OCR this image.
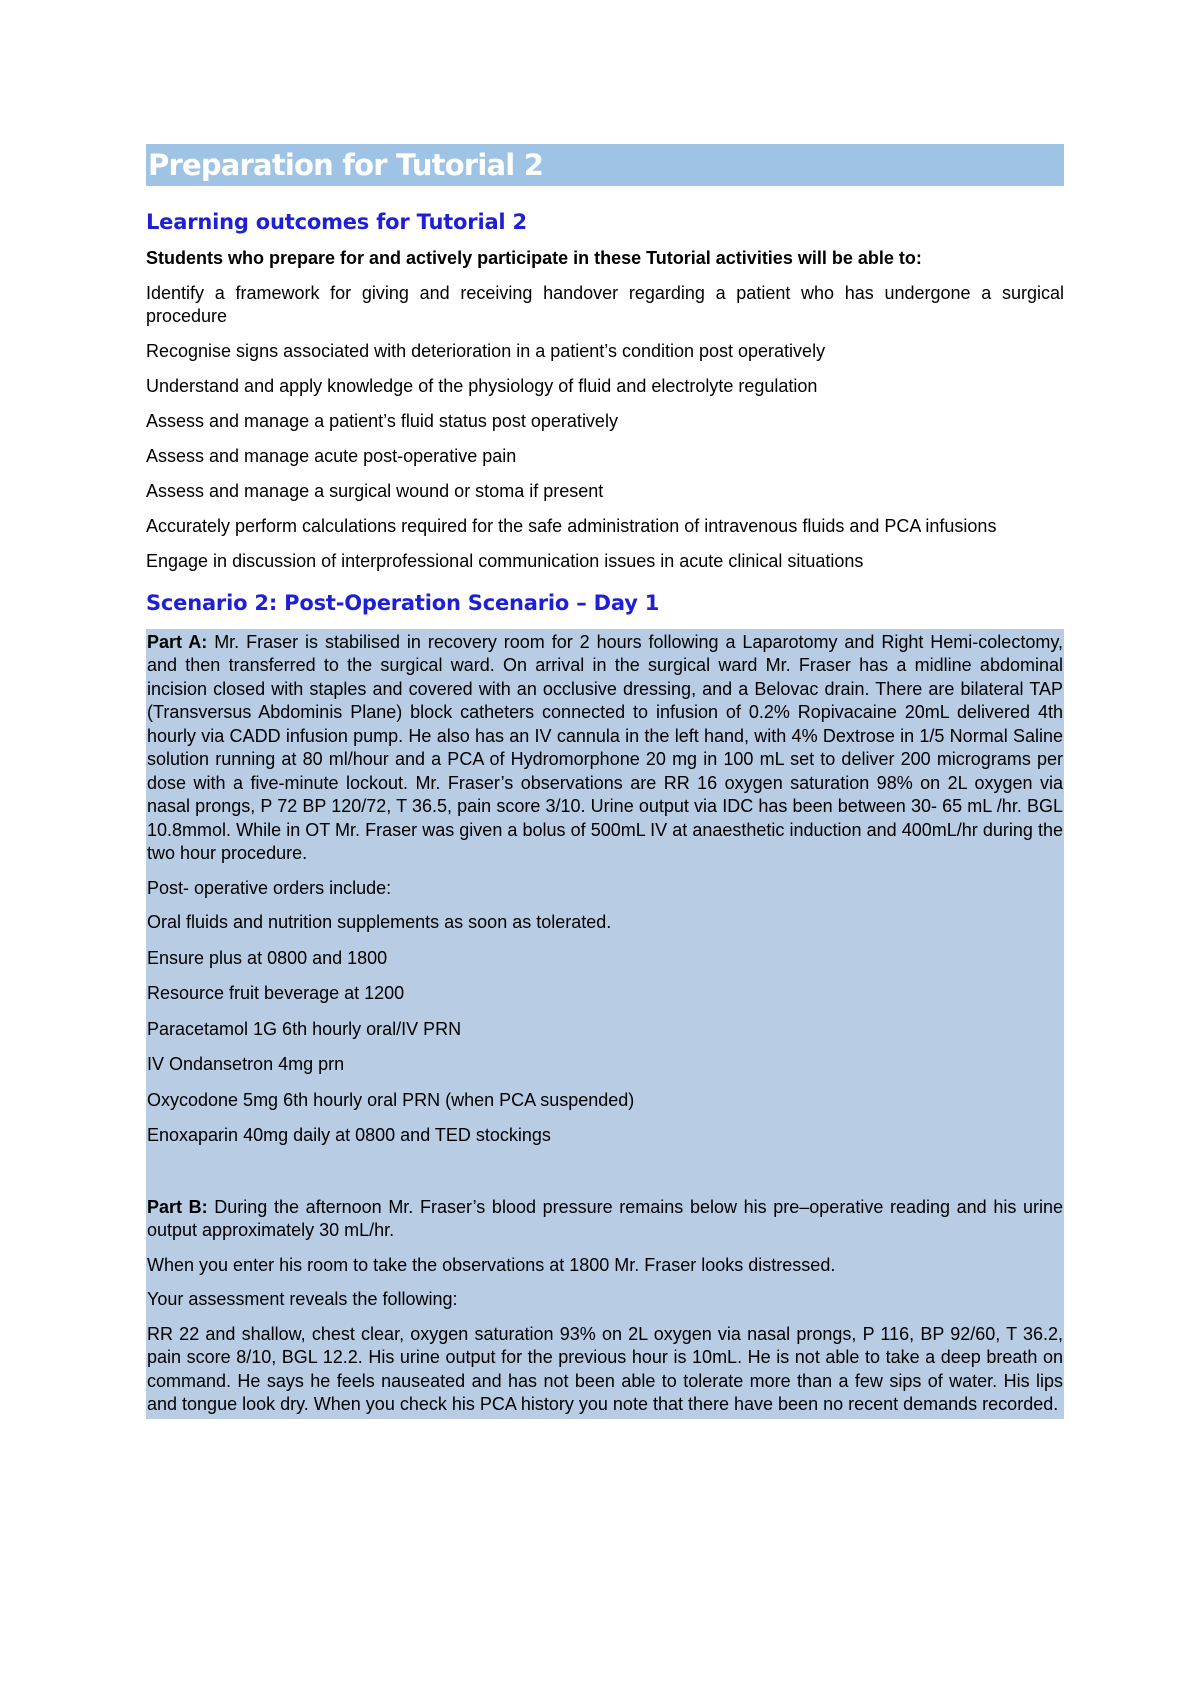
Preparation for Tutorial 2
Learning outcomes for Tutorial 2

Students who prepare for and actively participate in these Tutorial activities will be able to:

Identify a framework for giving and receiving handover regarding a patient who has undergone a surgical procedure
Recognise signs associated with deterioration in a patient’s condition post operatively
Understand and apply knowledge of the physiology of fluid and electrolyte regulation
Assess and manage a patient’s fluid status post operatively
Assess and manage acute post-operative pain
Assess and manage a surgical wound or stoma if present
Accurately perform calculations required for the safe administration of intravenous fluids and PCA infusions
Engage in discussion of interprofessional communication issues in acute clinical situations
Scenario 2: Post-Operation Scenario – Day 1

Part A: Mr. Fraser is stabilised in recovery room for 2 hours following a Laparotomy and Right Hemi-colectomy, and then transferred to the surgical ward. On arrival in the surgical ward Mr. Fraser has a midline abdominal incision closed with staples and covered with an occlusive dressing, and a Belovac drain. There are bilateral TAP (Transversus Abdominis Plane) block catheters connected to infusion of 0.2% Ropivacaine 20mL delivered 4th hourly via CADD infusion pump. He also has an IV cannula in the left hand, with 4% Dextrose in 1/5 Normal Saline solution running at 80 ml/hour and a PCA of Hydromorphone 20 mg in 100 mL set to deliver 200 micrograms per dose with a five-minute lockout. Mr. Fraser’s observations are RR 16 oxygen saturation 98% on 2L oxygen via nasal prongs, P 72 BP 120/72, T 36.5, pain score 3/10. Urine output via IDC has been between 30- 65 mL /hr. BGL 10.8mmol. While in OT Mr. Fraser was given a bolus of 500mL IV at anaesthetic induction and 400mL/hr during the two hour procedure.

Post- operative orders include:

Oral fluids and nutrition supplements as soon as tolerated.
Ensure plus at 0800 and 1800
Resource fruit beverage at 1200
Paracetamol 1G 6th hourly oral/IV PRN
IV Ondansetron 4mg prn
Oxycodone 5mg 6th hourly oral PRN (when PCA suspended)
Enoxaparin 40mg daily at 0800 and TED stockings

Part B: During the afternoon Mr. Fraser’s blood pressure remains below his pre–operative reading and his urine output approximately 30 mL/hr.

When you enter his room to take the observations at 1800 Mr. Fraser looks distressed.

Your assessment reveals the following:

RR 22 and shallow, chest clear, oxygen saturation 93% on 2L oxygen via nasal prongs, P 116, BP 92/60, T 36.2, pain score 8/10, BGL 12.2. His urine output for the previous hour is 10mL. He is not able to take a deep breath on command. He says he feels nauseated and has not been able to tolerate more than a few sips of water. His lips and tongue look dry. When you check his PCA history you note that there have been no recent demands recorded.
